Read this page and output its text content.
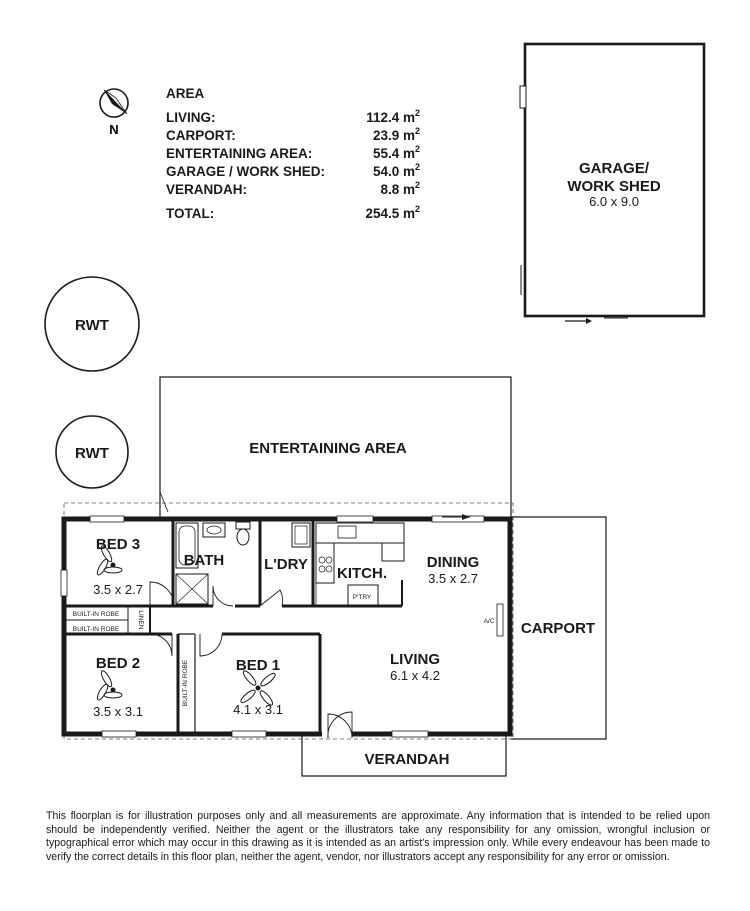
N
AREA
LIVING:	112.4 $m^2$
CARPORT:	23.9 $m^2$
ENTERTAINING AREA:	55.4 $m^2$
GARAGE / WORK SHED:	54.0 $m^2$
VERANDAH:	8.8 $m^2$
TOTAL:	254.5 $m^2$
GARAGE/
WORK SHED
6.0 x 9.0
RWT
RWT	ENTERTAINING AREA
CARPORT
VERANDAH
BED 3
3.5 x 2.7
BATH	L'DRY
KITCH.
P'TRY
DINING
3.5 x 2.7
A/C
LIVING
6.1 x 4.2
BED 2
3.5 x 3.1
BED 1
4.1 x 3.1
BUILT-IN ROBE
BUILT-IN ROBE	LINEN
BUILT-IN ROBE

This floorplan is for illustration purposes only and all measurements are approximate. Any information that is intended to be relied upon should be independently verified. Neither the agent or the illustrators take any responsibility for any omission, wrongful inclusion or typographical error which may occur in this drawing as it is intended as an artist's impression only. While every endeavour has been made to verify the correct details in this floor plan, neither the agent, vendor, nor illustrators accept any responsibility for any error or omission.
